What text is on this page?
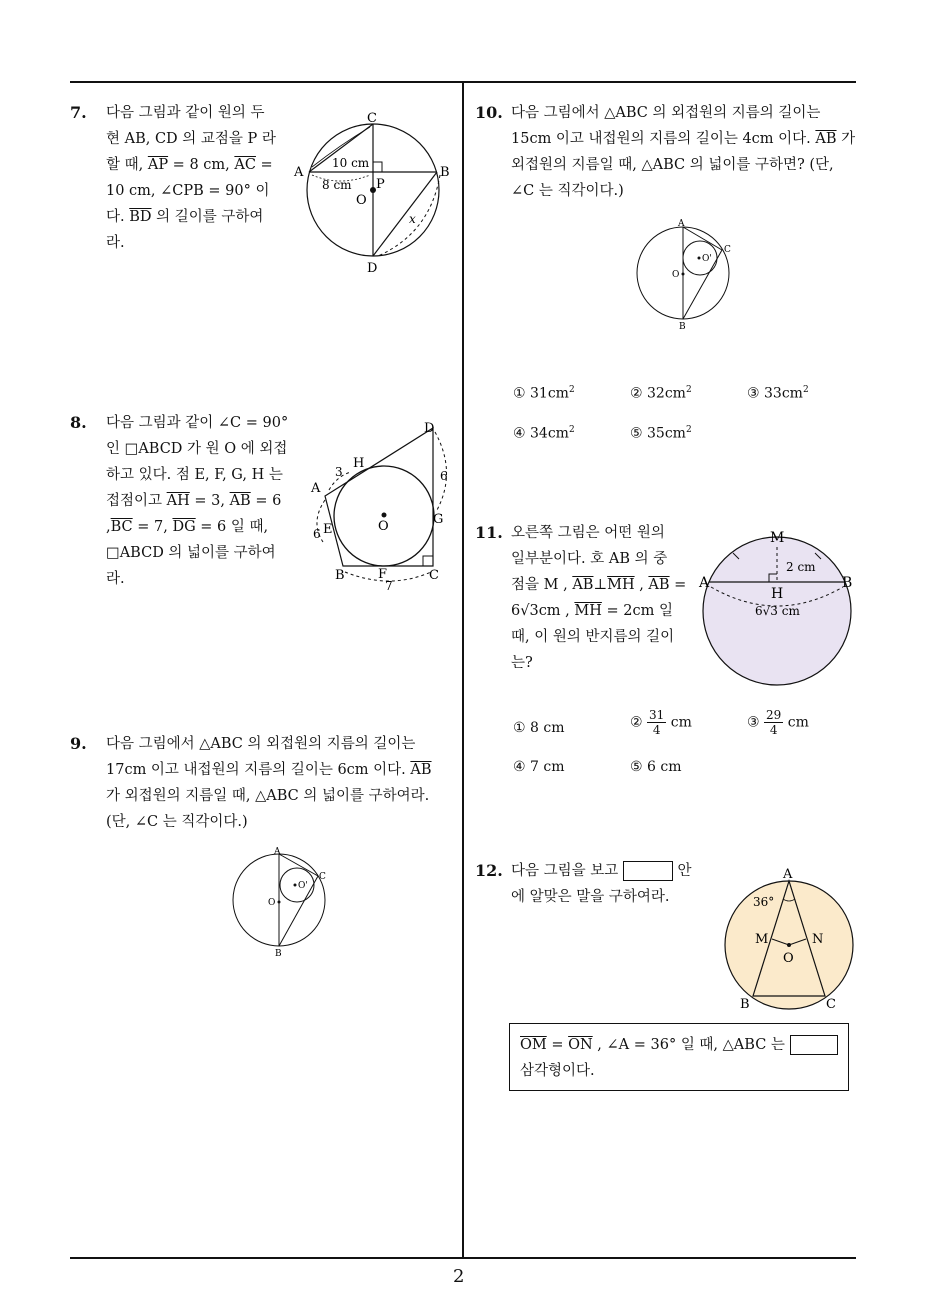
2
7. 다음 그림과 같이 원의 두
현 AB, CD 의 교점을 P 라
할 때, $\overline{AP} = 8$ cm, $\overline{AC}$ =
10 cm, ∠CPB = 90° 이
다. $\overline{BD}$ 의 길이를 구하여
라.
C
A	B
D
O
P
10 cm
8 cm
x
8. 다음 그림과 같이 ∠C = 90°
인 □ABCD 가 원 O 에 외접
하고 있다. 점 E, F, G, H 는
접점이고 $\overline{AH} = 3$, $\overline{AB} = 6$
$,\overline{BC} = 7$, $\overline{DG} = 6$ 일 때,
□ABCD 의 넓이를 구하여
라.
D
H
3
A
6
G
O
6 E
B	F	C
7
9. 다음 그림에서 △ABC 의 외접원의 지름의 길이는
17cm 이고 내접원의 지름의 길이는 6cm 이다. $\overline{AB}$
가 외접원의 지름일 때, △ABC 의 넓이를 구하여라.
(단, ∠C 는 직각이다.)
A
B
C
O
O'
10. 다음 그림에서 △ABC 의 외접원의 지름의 길이는
15cm 이고 내접원의 지름의 길이는 4cm 이다. $\overline{AB}$ 가
외접원의 지름일 때, △ABC 의 넓이를 구하면? (단,
∠C 는 직각이다.)
A
B
C
O
O'
① $31cm^2$	② $32cm^2$	③ $33cm^2$
④ $34cm^2$	⑤ $35cm^2$
11. 오른쪽 그림은 어떤 원의
일부분이다. 호 AB 의 중
점을 M , $\overline{AB}\perp\overline{MH}$ , $\overline{AB}$ =
6√3cm , $\overline{MH} = 2cm$ 일
때, 이 원의 반지름의 길이
는?
M
A	B
H
2 cm
6√3 cm
① 8 cm	② $\frac{31}{4}$ cm	③ $\frac{29}{4}$ cm
④ 7 cm	⑤ 6 cm
12. 다음 그림을 보고	안
에 알맞은 말을 구하여라.
A
36°
M	N
O
B	C
$\overline{OM} = \overline{ON}$ , ∠A = 36° 일 때, △ABC 는
삼각형이다.
